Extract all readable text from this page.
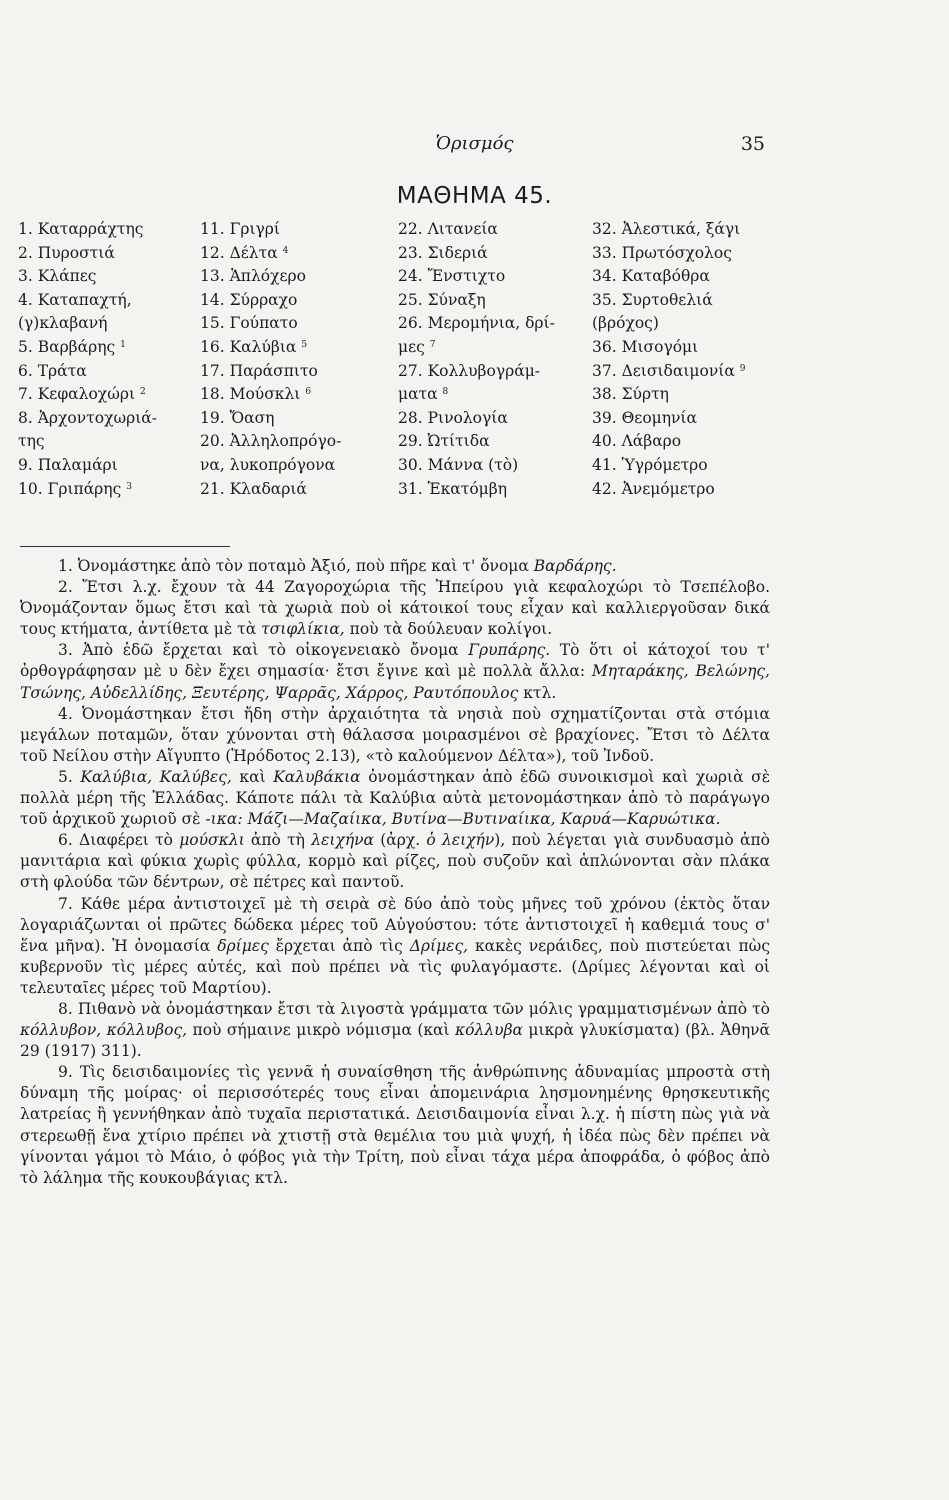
Ὁρισμός	35
ΜΑΘΗΜΑ 45.
1. Καταρράχτης
2. Πυροστιά
3. Κλάπες
4. Καταπαχτή,
(γ)κλαβανή
5. Βαρβάρης $^1$
6. Τράτα
7. Κεφαλοχώρι $^2$
8. Ἀρχοντοχωριά-
της
9. Παλαμάρι
10. Γριπάρης $^3$
11. Γριγρί
12. Δέλτα $^4$
13. Ἁπλόχερο
14. Σύρραχο
15. Γούπατο
16. Καλύβια $^5$
17. Παράσπιτο
18. Μούσκλι $^6$
19. Ὄαση
20. Ἀλληλοπρόγο-
να, λυκοπρόγονα
21. Κλαδαριά
22. Λιτανεία
23. Σιδεριά
24. Ἔνστιχτο
25. Σύναξη
26. Μερομήνια, δρί-
μες $^7$
27. Κολλυβογράμ-
ματα $^8$
28. Ρινολογία
29. Ὠτίτιδα
30. Μάννα (τὸ)
31. Ἑκατόμβη
32. Ἀλεστικά, ξάγι
33. Πρωτόσχολος
34. Καταβόθρα
35. Συρτοθελιά
(βρόχος)
36. Μισογόμι
37. Δεισιδαιμονία $^9$
38. Σύρτη
39. Θεομηνία
40. Λάβαρο
41. Ὑγρόμετρο
42. Ἀνεμόμετρο

1. Ὀνομάστηκε ἀπὸ τὸν ποταμὸ Ἀξιό, ποὺ πῆρε καὶ τ' ὄνομα Βαρδάρης.

2. Ἔτσι λ.χ. ἔχουν τὰ 44 Ζαγοροχώρια τῆς Ἠπείρου γιὰ κεφαλοχώρι τὸ Τσεπέλοβο. Ὀνομάζονταν ὅμως ἔτσι καὶ τὰ χωριὰ ποὺ οἱ κάτοικοί τους εἶχαν καὶ καλλιεργοῦσαν δικά τους κτήματα, ἀντίθετα μὲ τὰ τσιφλίκια, ποὺ τὰ δούλευαν κολίγοι.

3. Ἀπὸ ἐδῶ ἔρχεται καὶ τὸ οἰκογενειακὸ ὄνομα Γρυπάρης. Τὸ ὅτι οἱ κάτοχοί του τ' ὀρθογράφησαν μὲ υ δὲν ἔχει σημασία· ἔτσι ἔγινε καὶ μὲ πολλὰ ἄλλα: Μηταράκης, Βελώνης, Τσώνης, Αὐδελλίδης, Ξευτέρης, Ψαρρᾶς, Χάρρος, Ραυτόπουλος κτλ.

4. Ὀνομάστηκαν ἔτσι ἤδη στὴν ἀρχαιότητα τὰ νησιὰ ποὺ σχηματίζονται στὰ στόμια μεγάλων ποταμῶν, ὅταν χύνονται στὴ θάλασσα μοιρασμένοι σὲ βραχίονες. Ἔτσι τὸ Δέλτα τοῦ Νείλου στὴν Αἴγυπτο (Ἡρόδοτος 2.13), «τὸ καλούμενον Δέλτα»), τοῦ Ἰνδοῦ.

5. Καλύβια, Καλύβες, καὶ Καλυβάκια ὀνομάστηκαν ἀπὸ ἐδῶ συνοικισμοὶ καὶ χωριὰ σὲ πολλὰ μέρη τῆς Ἑλλάδας. Κάποτε πάλι τὰ Καλύβια αὐτὰ μετονομάστηκαν ἀπὸ τὸ παράγωγο τοῦ ἀρχικοῦ χωριοῦ σὲ -ικα: Μάζι—Μαζαίικα, Βυτίνα—Βυτιναίικα, Καρυά—Καρυώτικα.

6. Διαφέρει τὸ μούσκλι ἀπὸ τὴ λειχήνα (ἀρχ. ὁ λειχήν), ποὺ λέγεται γιὰ συνδυασμὸ ἀπὸ μανιτάρια καὶ φύκια χωρὶς φύλλα, κορμὸ καὶ ρίζες, ποὺ συζοῦν καὶ ἁπλώνονται σὰν πλάκα στὴ φλούδα τῶν δέντρων, σὲ πέτρες καὶ παντοῦ.

7. Κάθε μέρα ἀντιστοιχεῖ μὲ τὴ σειρὰ σὲ δύο ἀπὸ τοὺς μῆνες τοῦ χρόνου (ἐκτὸς ὅταν λογαριάζωνται οἱ πρῶτες δώδεκα μέρες τοῦ Αὐγούστου: τότε ἀντιστοιχεῖ ἡ καθεμιά τους σ' ἕνα μῆνα). Ἡ ὀνομασία δρίμες ἔρχεται ἀπὸ τὶς Δρίμες, κακὲς νεράιδες, ποὺ πιστεύεται πὼς κυβερνοῦν τὶς μέρες αὐτές, καὶ ποὺ πρέπει νὰ τὶς φυλαγόμαστε. (Δρίμες λέγονται καὶ οἱ τελευταῖες μέρες τοῦ Μαρτίου).

8. Πιθανὸ νὰ ὀνομάστηκαν ἔτσι τὰ λιγοστὰ γράμματα τῶν μόλις γραμματισμένων ἀπὸ τὸ κόλλυβον, κόλλυβος, ποὺ σήμαινε μικρὸ νόμισμα (καὶ κόλλυβα μικρὰ γλυκίσματα) (βλ. Ἀθηνᾶ 29 (1917) 311).

9. Τὶς δεισιδαιμονίες τὶς γεννᾶ ἡ συναίσθηση τῆς ἀνθρώπινης ἀδυναμίας μπροστὰ στὴ δύναμη τῆς μοίρας· οἱ περισσότερές τους εἶναι ἀπομεινάρια λησμονημένης θρησκευτικῆς λατρείας ἢ γεννήθηκαν ἀπὸ τυχαῖα περιστατικά. Δεισιδαιμονία εἶναι λ.χ. ἡ πίστη πὼς γιὰ νὰ στερεωθῇ ἕνα χτίριο πρέπει νὰ χτιστῇ στὰ θεμέλια του μιὰ ψυχή, ἡ ἰδέα πὼς δὲν πρέπει νὰ γίνονται γάμοι τὸ Μάιο, ὁ φόβος γιὰ τὴν Τρίτη, ποὺ εἶναι τάχα μέρα ἀποφράδα, ὁ φόβος ἀπὸ τὸ λάλημα τῆς κουκουβάγιας κτλ.
